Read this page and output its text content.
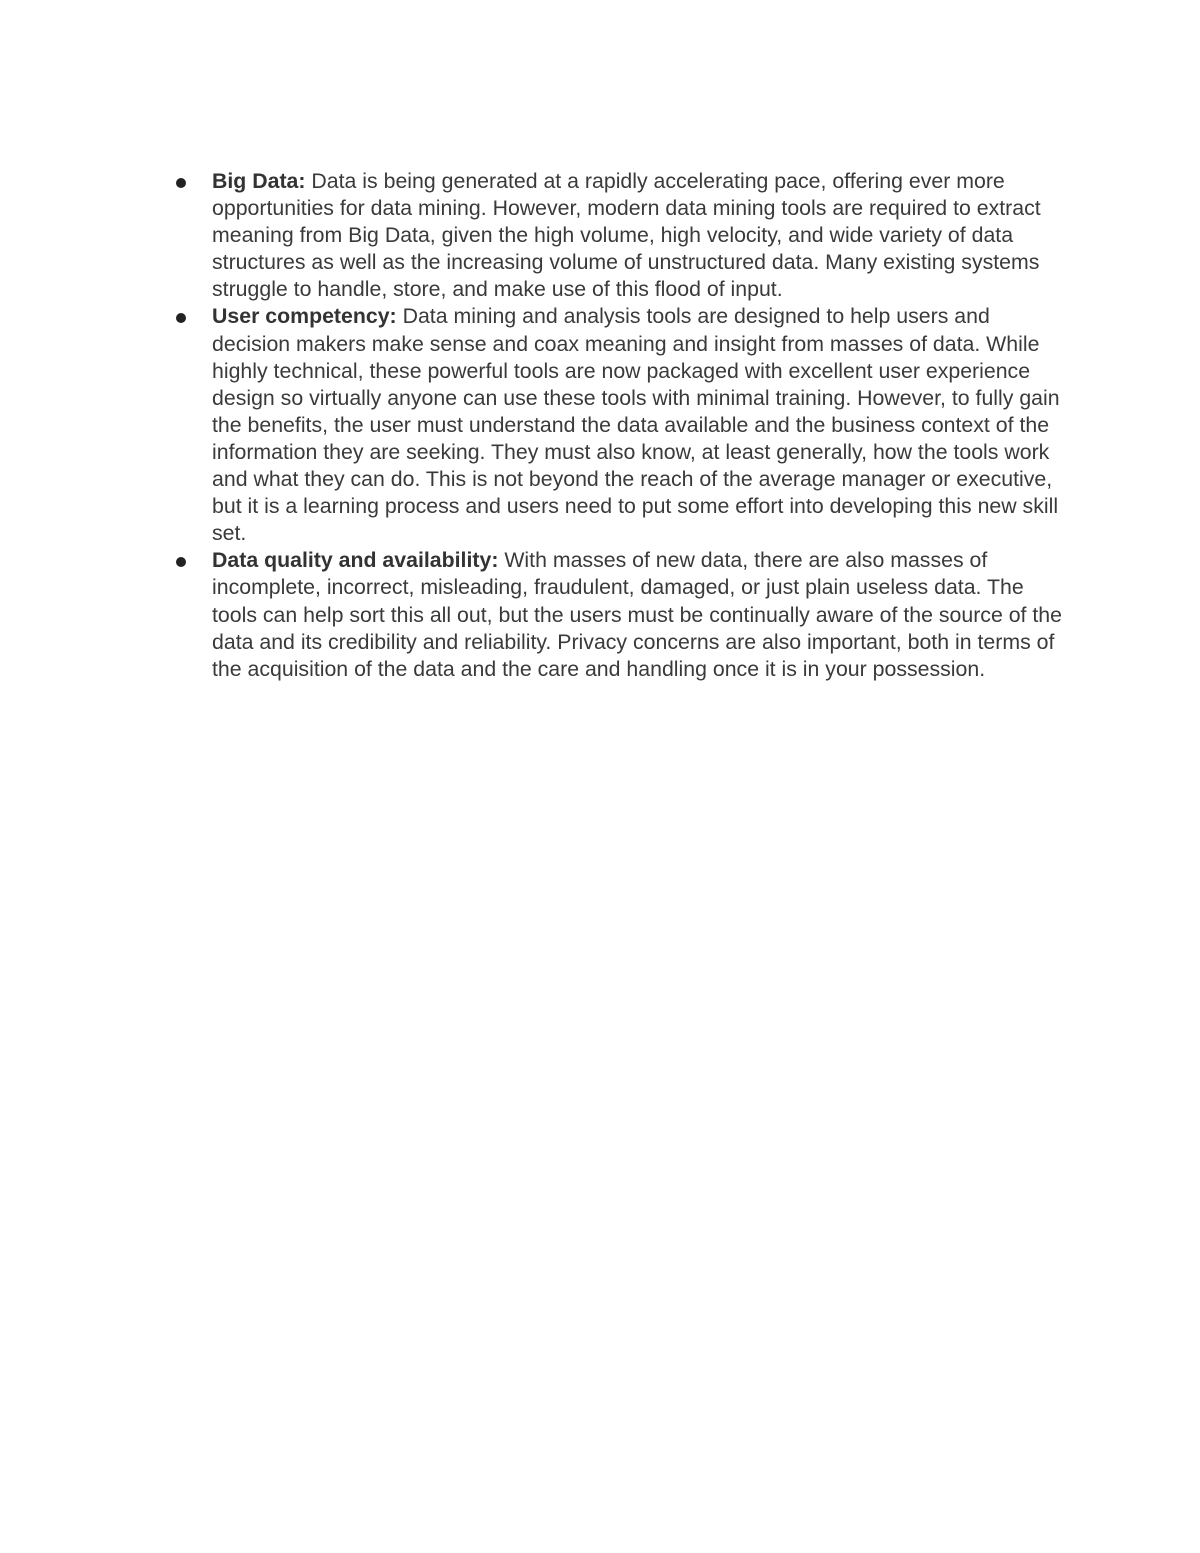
Big Data: Data is being generated at a rapidly accelerating pace, offering ever more opportunities for data mining. However, modern data mining tools are required to extract meaning from Big Data, given the high volume, high velocity, and wide variety of data structures as well as the increasing volume of unstructured data. Many existing systems struggle to handle, store, and make use of this flood of input.
User competency: Data mining and analysis tools are designed to help users and decision makers make sense and coax meaning and insight from masses of data. While highly technical, these powerful tools are now packaged with excellent user experience design so virtually anyone can use these tools with minimal training. However, to fully gain the benefits, the user must understand the data available and the business context of the information they are seeking. They must also know, at least generally, how the tools work and what they can do. This is not beyond the reach of the average manager or executive, but it is a learning process and users need to put some effort into developing this new skill set.
Data quality and availability: With masses of new data, there are also masses of incomplete, incorrect, misleading, fraudulent, damaged, or just plain useless data. The tools can help sort this all out, but the users must be continually aware of the source of the data and its credibility and reliability. Privacy concerns are also important, both in terms of the acquisition of the data and the care and handling once it is in your possession.
